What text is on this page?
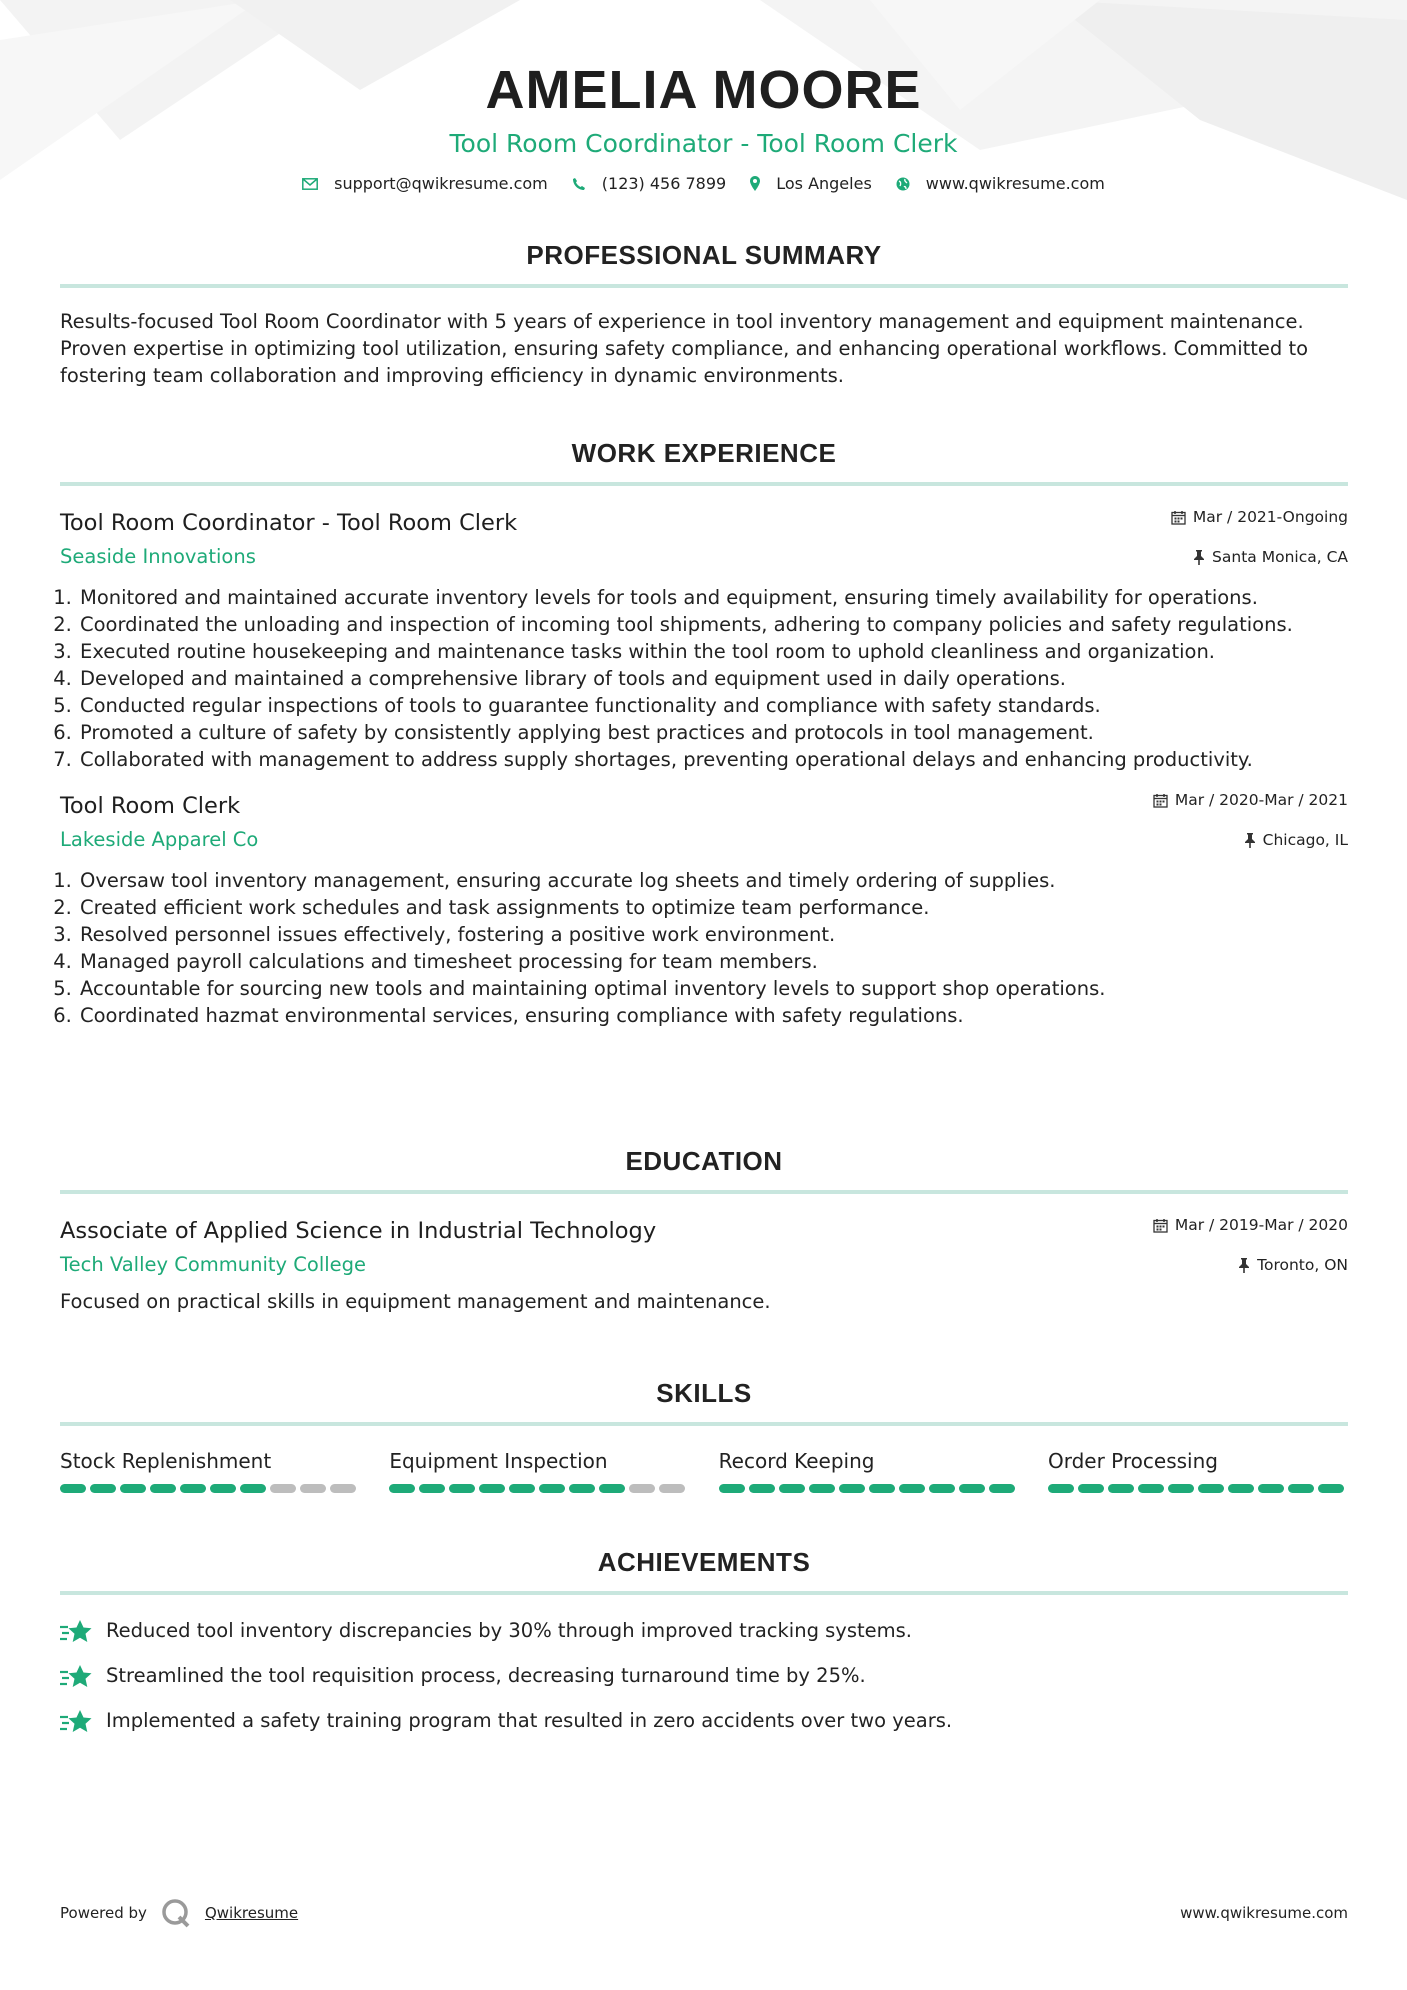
AMELIA MOORE
Tool Room Coordinator - Tool Room Clerk
support@qwikresume.com	(123) 456 7899	Los Angeles	www.qwikresume.com
PROFESSIONAL SUMMARY

Results-focused Tool Room Coordinator with 5 years of experience in tool inventory management and equipment maintenance. Proven expertise in optimizing tool utilization, ensuring safety compliance, and enhancing operational workflows. Committed to fostering team collaboration and improving efficiency in dynamic environments.

WORK EXPERIENCE
Tool Room Coordinator - Tool Room Clerk	Mar / 2021-Ongoing
Seaside Innovations	Santa Monica, CA
1. Monitored and maintained accurate inventory levels for tools and equipment, ensuring timely availability for operations.
2. Coordinated the unloading and inspection of incoming tool shipments, adhering to company policies and safety regulations.
3. Executed routine housekeeping and maintenance tasks within the tool room to uphold cleanliness and organization.
4. Developed and maintained a comprehensive library of tools and equipment used in daily operations.
5. Conducted regular inspections of tools to guarantee functionality and compliance with safety standards.
6. Promoted a culture of safety by consistently applying best practices and protocols in tool management.
7. Collaborated with management to address supply shortages, preventing operational delays and enhancing productivity.
Tool Room Clerk	Mar / 2020-Mar / 2021
Lakeside Apparel Co	Chicago, IL
1. Oversaw tool inventory management, ensuring accurate log sheets and timely ordering of supplies.
2. Created efficient work schedules and task assignments to optimize team performance.
3. Resolved personnel issues effectively, fostering a positive work environment.
4. Managed payroll calculations and timesheet processing for team members.
5. Accountable for sourcing new tools and maintaining optimal inventory levels to support shop operations.
6. Coordinated hazmat environmental services, ensuring compliance with safety regulations.
EDUCATION
Associate of Applied Science in Industrial Technology	Mar / 2019-Mar / 2020
Tech Valley Community College	Toronto, ON

Focused on practical skills in equipment management and maintenance.

SKILLS
Stock Replenishment	Equipment Inspection	Record Keeping	Order Processing
ACHIEVEMENTS
Reduced tool inventory discrepancies by 30% through improved tracking systems.
Streamlined the tool requisition process, decreasing turnaround time by 25%.
Implemented a safety training program that resulted in zero accidents over two years.
Powered by	Qwikresume	www.qwikresume.com
